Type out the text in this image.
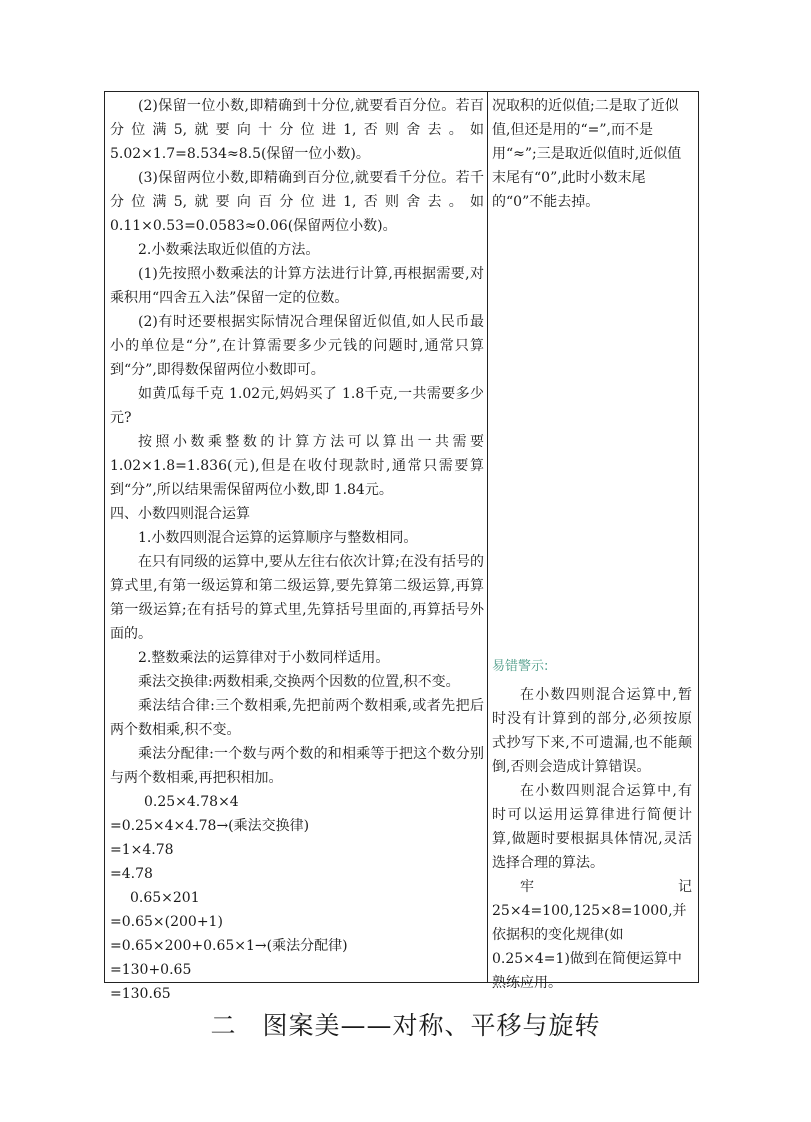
(2)保留一位小数,即精确到十分位,就要看百分位。若百分位满5,就要向十分位进1,否则舍去。如 5.02×1.7=8.534≈8.5(保留一位小数)。

(3)保留两位小数,即精确到百分位,就要看千分位。若千分位满5,就要向百分位进1,否则舍去。如 0.11×0.53=0.0583≈0.06(保留两位小数)。

2.小数乘法取近似值的方法。

(1)先按照小数乘法的计算方法进行计算,再根据需要,对乘积用“四舍五入法”保留一定的位数。

(2)有时还要根据实际情况合理保留近似值,如人民币最小的单位是“分”,在计算需要多少元钱的问题时,通常只算到“分”,即得数保留两位小数即可。

如黄瓜每千克 1.02元,妈妈买了 1.8千克,一共需要多少元?

按照小数乘整数的计算方法可以算出一共需要1.02×1.8=1.836(元),但是在收付现款时,通常只需要算到“分”,所以结果需保留两位小数,即 1.84元。

四、小数四则混合运算

1.小数四则混合运算的运算顺序与整数相同。

在只有同级的运算中,要从左往右依次计算;在没有括号的算式里,有第一级运算和第二级运算,要先算第二级运算,再算第一级运算;在有括号的算式里,先算括号里面的,再算括号外面的。

2.整数乘法的运算律对于小数同样适用。

乘法交换律:两数相乘,交换两个因数的位置,积不变。

乘法结合律:三个数相乘,先把前两个数相乘,或者先把后两个数相乘,积不变。

乘法分配律:一个数与两个数的和相乘等于把这个数分别与两个数相乘,再把积相加。

0.25×4.78×4

=0.25×4×4.78→(乘法交换律)

=1×4.78

=4.78

0.65×201

=0.65×(200+1)

=0.65×200+0.65×1→(乘法分配律)

=130+0.65

=130.65

况取积的近似值;二是取了近似值,但还是用的“=”,而不是用“≈”;三是取近似值时,近似值末尾有“0”,此时小数末尾的“0”不能去掉。

易错警示:

在小数四则混合运算中,暂时没有计算到的部分,必须按原式抄写下来,不可遗漏,也不能颠倒,否则会造成计算错误。

在小数四则混合运算中,有时可以运用运算律进行简便计算,做题时要根据具体情况,灵活选择合理的算法。

牢	记

25×4=100,125×8=1000,并依据积的变化规律(如 0.25×4=1)做到在简便运算中熟练应用。

二　图案美——对称、平移与旋转
